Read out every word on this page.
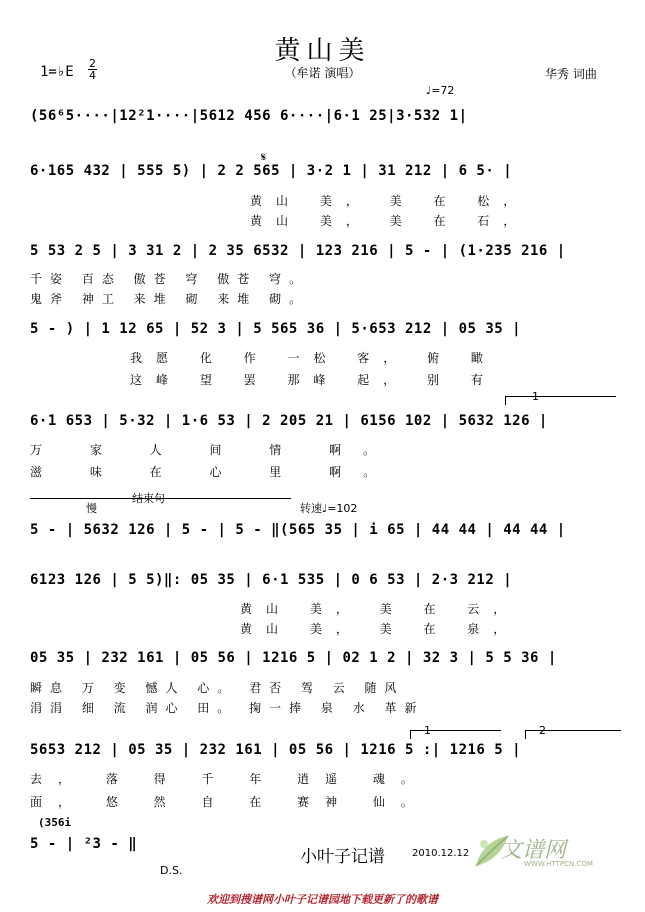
黄山美
（牟诺 演唱）
1=♭E
2
4	华秀 词曲
♩=72
𝄋
(56⁶5····|12²1····|5612 456 6····|6·1 25|3·532 1|
6·165 432 | 555 5) | 2 2 565 | 3·2 1 | 31 212 | 6 5· |
黄山 美， 美 在 松，
黄山 美， 美 在 石，
5 53 2 5 | 3 31 2 | 2 35 6532 | 123 216 | 5 - | (1·235 216 |
千姿 百态 傲苍 穹 傲苍 穹。
鬼斧 神工 来堆 砌 来堆 砌。
5 - ) | 1 12 65 | 52 3 | 5 565 36 | 5·653 212 | 05 35 |
我愿 化 作 一松 客， 俯 瞰
这峰 望 罢 那峰 起， 别 有
1
6·1 653 | 5·32 | 1·6 53 | 2 205 21 | 6156 102 | 5632 126 |
万 家 人 间 情 啊。
滋 味 在 心 里 啊。
结束句
慢	转速♩=102
5 - | 5632 126 | 5 - | 5 - ‖(565 35 | i 65 | 44 44 | 44 44 |
6123 126 | 5 5)‖: 05 35 | 6·1 535 | 0 6 53 | 2·3 212 |
黄山 美， 美 在 云，
黄山 美， 美 在 泉，
05 35 | 232 161 | 05 56 | 1216 5 | 02 1 2 | 32 3 | 5 5 36 |
瞬息 万 变 憾人 心。 君否 驾 云 随风
涓涓 细 流 润心 田。 掬一捧 泉 水 革新
1	2
5653 212 | 05 35 | 232 161 | 05 56 | 1216 5 :| 1216 5 |
去， 落 得 千 年 逍遥 魂。
面， 悠 然 自 在 赛神 仙。
(356i
5 - | ²3 - ‖
D.S.
小叶子记谱	2010.12.12 文谱网
WWW.HTTPCN.COM
欢迎到搜谱网小叶子记谱园地下载更新了的歌谱
